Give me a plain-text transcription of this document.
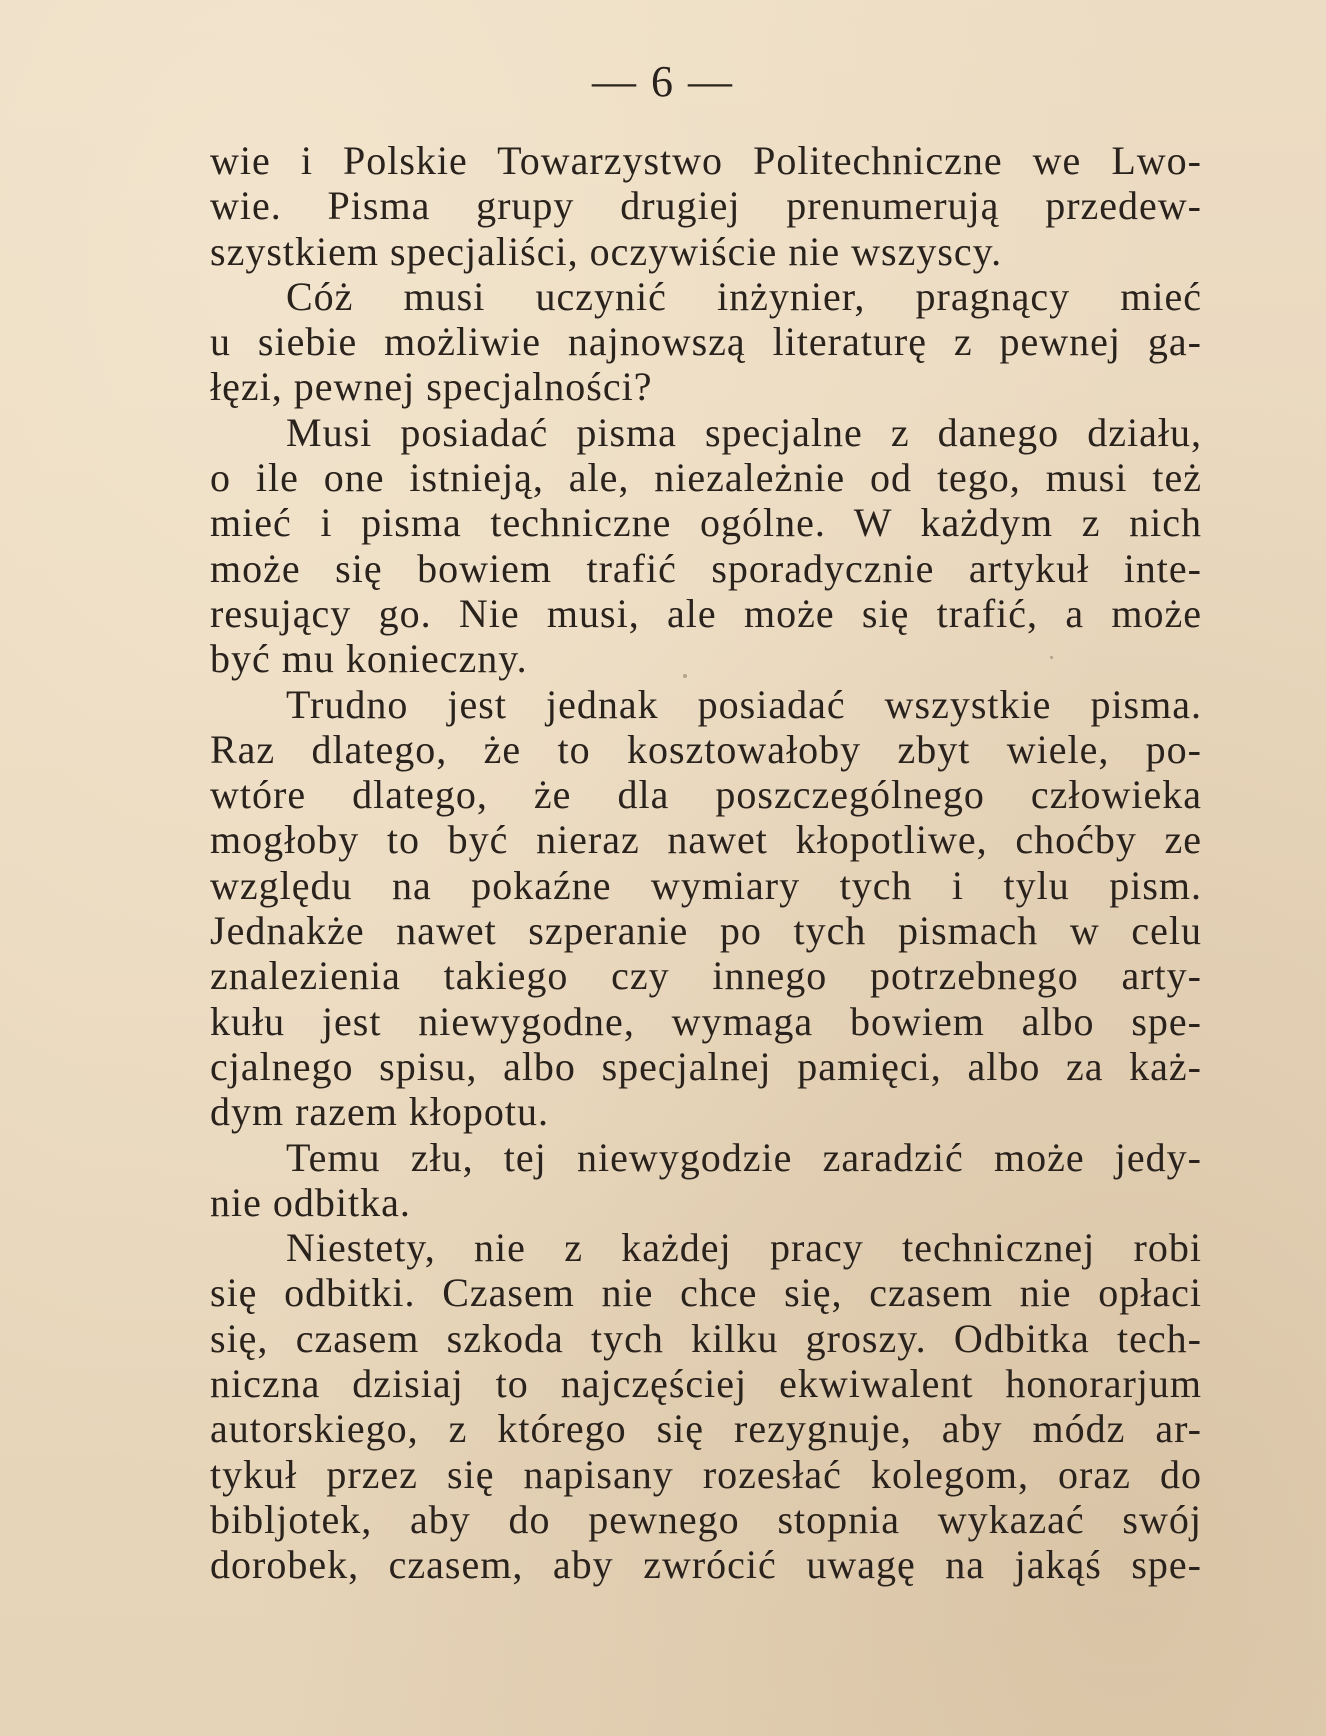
— 6 —
wie i Polskie Towarzystwo Politechniczne we Lwo-
wie. Pisma grupy drugiej prenumerują przedew-
szystkiem specjaliści, oczywiście nie wszyscy.
Cóż musi uczynić inżynier, pragnący mieć
u siebie możliwie najnowszą literaturę z pewnej ga-
łęzi, pewnej specjalności?
Musi posiadać pisma specjalne z danego działu,
o ile one istnieją, ale, niezależnie od tego, musi też
mieć i pisma techniczne ogólne. W każdym z nich
może się bowiem trafić sporadycznie artykuł inte-
resujący go. Nie musi, ale może się trafić, a może
być mu konieczny.
Trudno jest jednak posiadać wszystkie pisma.
Raz dlatego, że to kosztowałoby zbyt wiele, po-
wtóre dlatego, że dla poszczególnego człowieka
mogłoby to być nieraz nawet kłopotliwe, choćby ze
względu na pokaźne wymiary tych i tylu pism.
Jednakże nawet szperanie po tych pismach w celu
znalezienia takiego czy innego potrzebnego arty-
kułu jest niewygodne, wymaga bowiem albo spe-
cjalnego spisu, albo specjalnej pamięci, albo za każ-
dym razem kłopotu.
Temu złu, tej niewygodzie zaradzić może jedy-
nie odbitka.
Niestety, nie z każdej pracy technicznej robi
się odbitki. Czasem nie chce się, czasem nie opłaci
się, czasem szkoda tych kilku groszy. Odbitka tech-
niczna dzisiaj to najczęściej ekwiwalent honorarjum
autorskiego, z którego się rezygnuje, aby módz ar-
tykuł przez się napisany rozesłać kolegom, oraz do
bibljotek, aby do pewnego stopnia wykazać swój
dorobek, czasem, aby zwrócić uwagę na jakąś spe-
